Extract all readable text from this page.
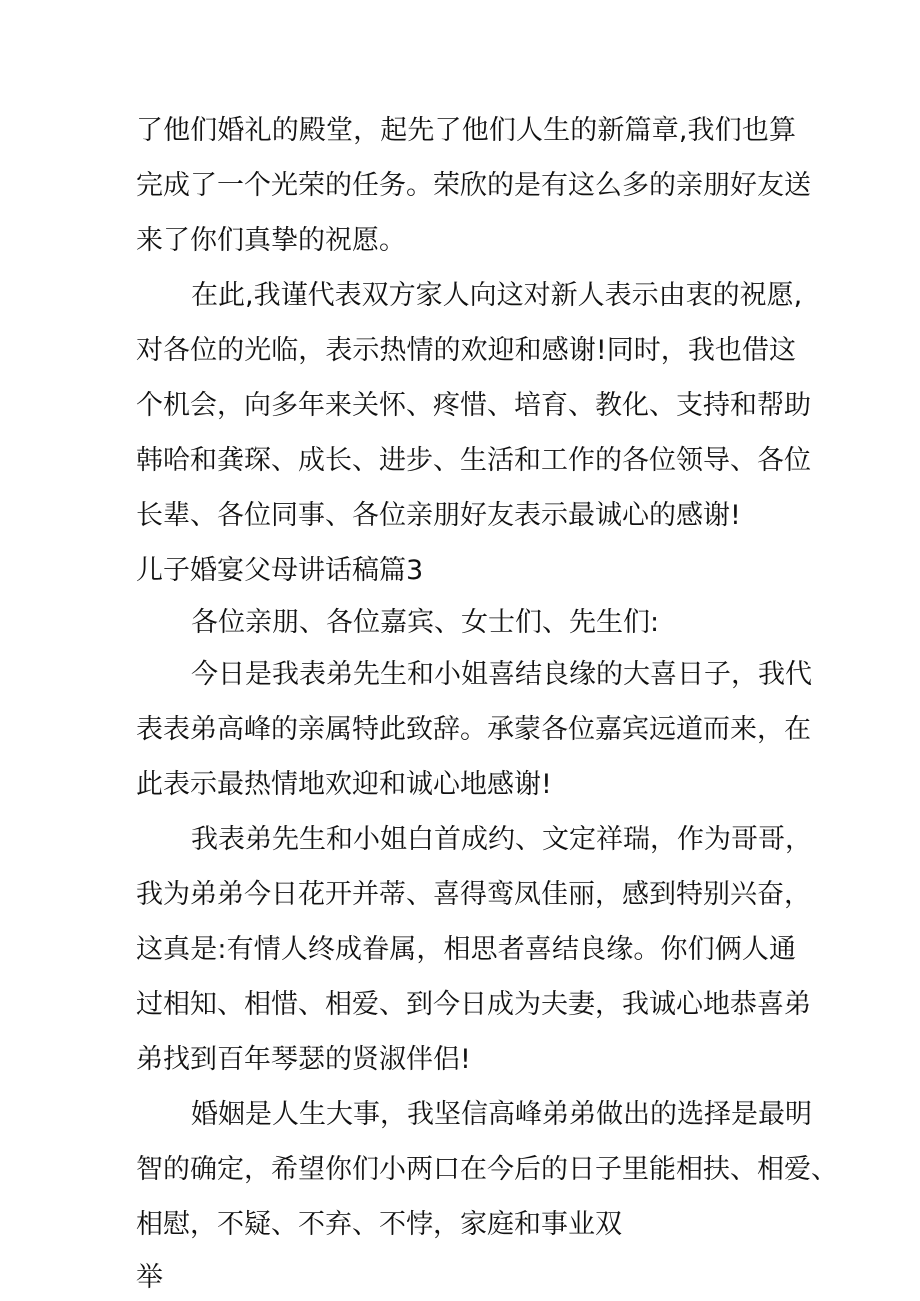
了他们婚礼的殿堂，起先了他们人生的新篇章,我们也算

完成了一个光荣的任务。荣欣的是有这么多的亲朋好友送

来了你们真挚的祝愿。

在此,我谨代表双方家人向这对新人表示由衷的祝愿,

对各位的光临，表示热情的欢迎和感谢!同时，我也借这

个机会，向多年来关怀、疼惜、培育、教化、支持和帮助

韩哈和龚琛、成长、进步、生活和工作的各位领导、各位

长辈、各位同事、各位亲朋好友表示最诚心的感谢!

儿子婚宴父母讲话稿篇3

各位亲朋、各位嘉宾、女士们、先生们:

今日是我表弟先生和小姐喜结良缘的大喜日子，我代

表表弟高峰的亲属特此致辞。承蒙各位嘉宾远道而来，在

此表示最热情地欢迎和诚心地感谢!

我表弟先生和小姐白首成约、文定祥瑞，作为哥哥，

我为弟弟今日花开并蒂、喜得鸾凤佳丽，感到特别兴奋，

这真是:有情人终成眷属，相思者喜结良缘。你们俩人通

过相知、相惜、相爱、到今日成为夫妻，我诚心地恭喜弟

弟找到百年琴瑟的贤淑伴侣!

婚姻是人生大事，我坚信高峰弟弟做出的选择是最明

智的确定，希望你们小两口在今后的日子里能相扶、相爱、

相慰，不疑、不弃、不悖，家庭和事业双

举
